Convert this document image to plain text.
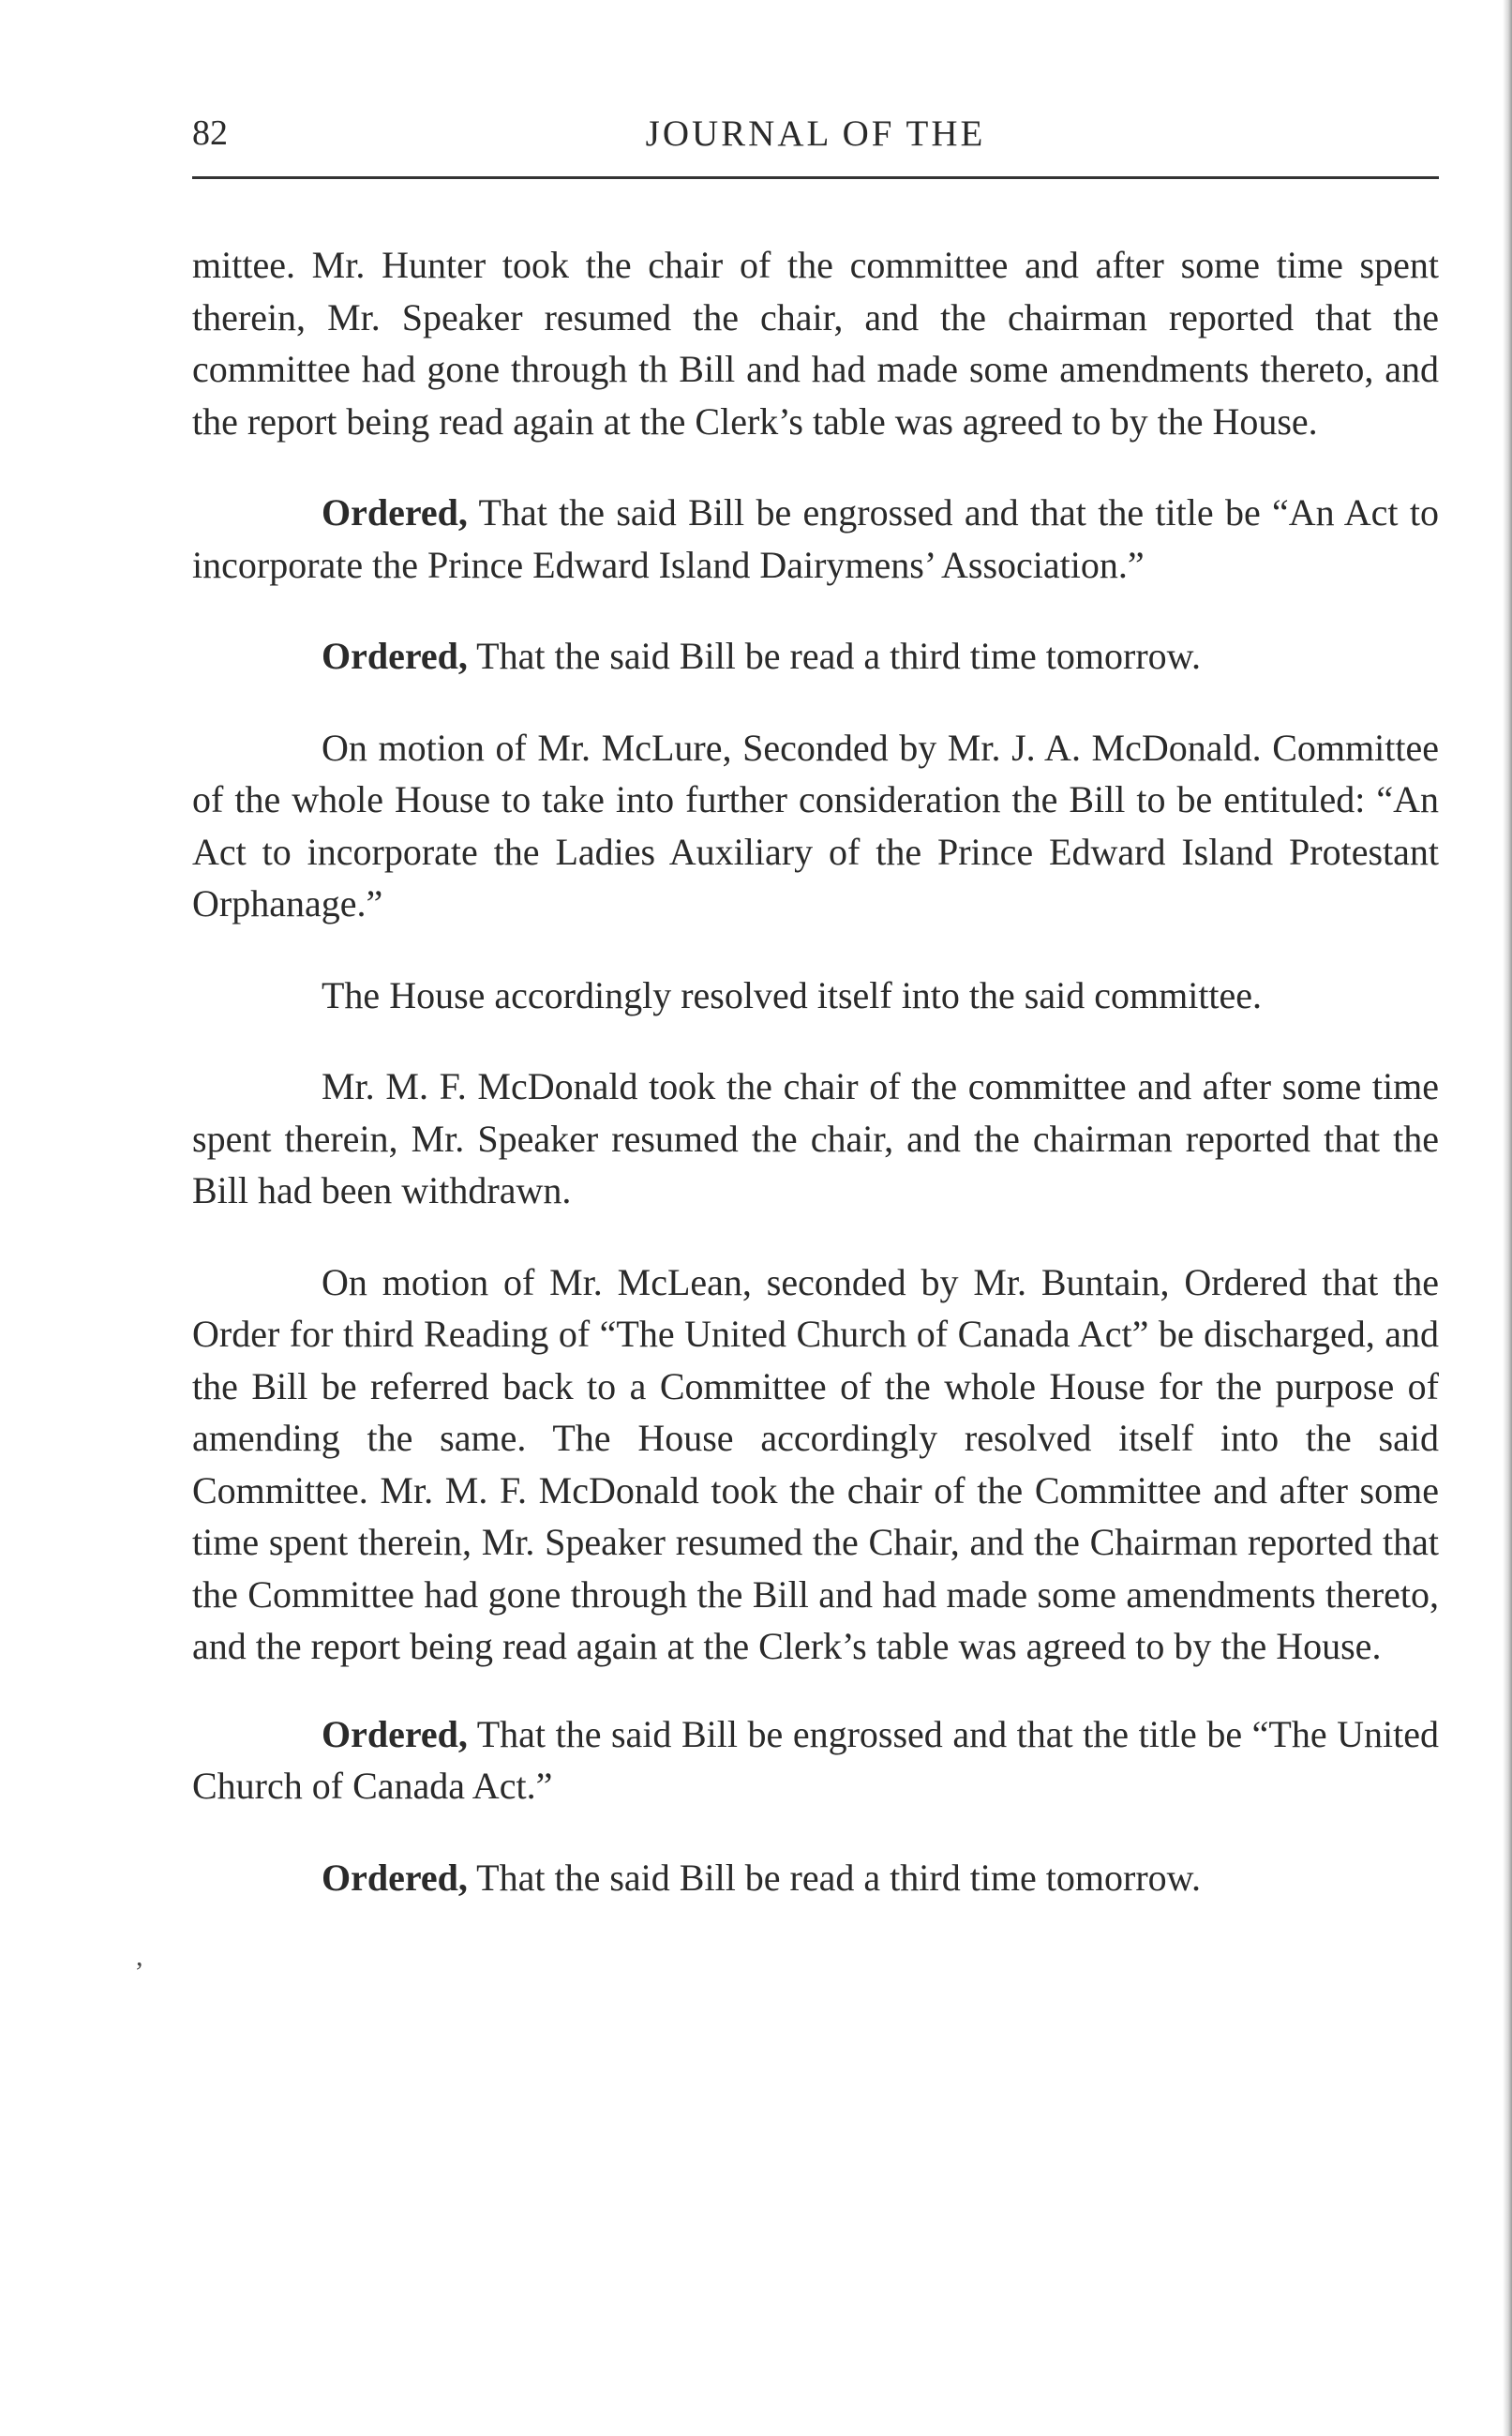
82	JOURNAL OF THE

mittee. Mr. Hunter took the chair of the committee and after some time spent therein, Mr. Speaker resumed the chair, and the chairman reported that the committee had gone through th Bill and had made some amendments thereto, and the report being read again at the Clerk’s table was agreed to by the House.

Ordered, That the said Bill be engrossed and that the title be “An Act to incorporate the Prince Edward Island Dairymens’ Association.”

Ordered, That the said Bill be read a third time tomorrow.

On motion of Mr. McLure, Seconded by Mr. J. A. McDonald. Committee of the whole House to take into further consideration the Bill to be entituled: “An Act to incorporate the Ladies Auxiliary of the Prince Edward Island Protestant Orphanage.”

The House accordingly resolved itself into the said committee.

Mr. M. F. McDonald took the chair of the committee and after some time spent therein, Mr. Speaker resumed the chair, and the chairman reported that the Bill had been withdrawn.

On motion of Mr. McLean, seconded by Mr. Buntain, Ordered that the Order for third Reading of “The United Church of Canada Act” be discharged, and the Bill be referred back to a Committee of the whole House for the purpose of amending the same. The House accordingly resolved itself into the said Committee. Mr. M. F. McDonald took the chair of the Committee and after some time spent therein, Mr. Speaker resumed the Chair, and the Chairman reported that the Committee had gone through the Bill and had made some amendments thereto, and the report being read again at the Clerk’s table was agreed to by the House.

Ordered, That the said Bill be engrossed and that the title be “The United Church of Canada Act.”

Ordered, That the said Bill be read a third time tomorrow.

,
